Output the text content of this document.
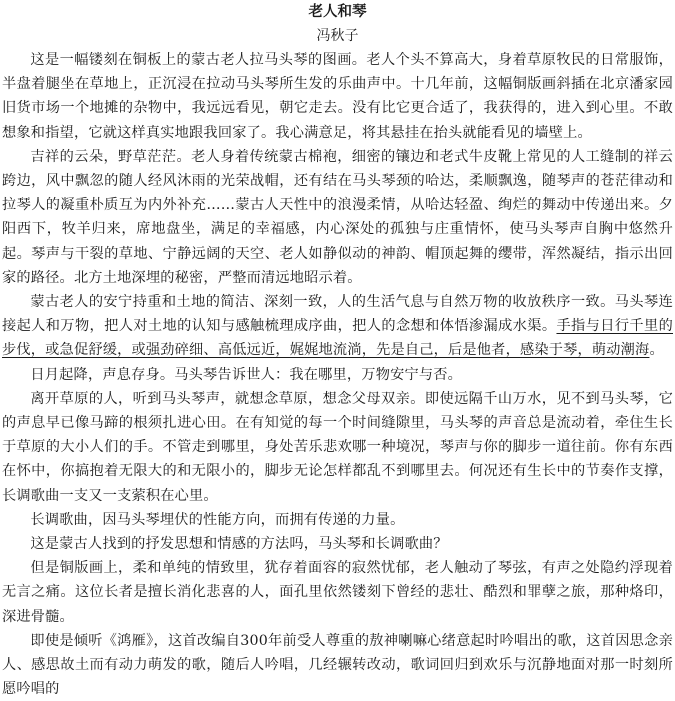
老人和琴
冯秋子

这是一幅镂刻在铜板上的蒙古老人拉马头琴的图画。老人个头不算高大，身着草原牧民的日常服饰，半盘着腿坐在草地上，正沉浸在拉动马头琴所生发的乐曲声中。十几年前，这幅铜版画斜插在北京潘家园旧货市场一个地摊的杂物中，我远远看见，朝它走去。没有比它更合适了，我获得的，进入到心里。不敢想象和指望，它就这样真实地跟我回家了。我心满意足，将其悬挂在抬头就能看见的墙壁上。

吉祥的云朵，野草茫茫。老人身着传统蒙古棉袍，细密的镶边和老式牛皮靴上常见的人工缝制的祥云跨边，风中飘忽的随人经风沐雨的光荣战帽，还有结在马头琴颈的哈达，柔顺飘逸，随琴声的苍茫律动和拉琴人的凝重朴质互为内外补充……蒙古人天性中的浪漫柔情，从哈达轻盈、绚烂的舞动中传递出来。夕阳西下，牧羊归来，席地盘坐，满足的幸福感，内心深处的孤独与庄重情怀，使马头琴声自胸中悠然升起。琴声与干裂的草地、宁静远阔的天空、老人如静似动的神韵、帽顶起舞的缨带，浑然凝结，指示出回家的路径。北方土地深埋的秘密，严整而清远地昭示着。

蒙古老人的安宁持重和土地的简洁、深刻一致，人的生活气息与自然万物的收放秩序一致。马头琴连接起人和万物，把人对土地的认知与感触梳理成序曲，把人的念想和体悟渗漏成水渠。手指与日行千里的步伐，或急促舒缓，或强劲碎细、高低远近，娓娓地流淌，先是自己，后是他者，感染于琴，萌动潮海。

日月起降，声息存身。马头琴告诉世人：我在哪里，万物安宁与否。

离开草原的人，听到马头琴声，就想念草原，想念父母双亲。即使远隔千山万水，见不到马头琴，它的声息早已像马蹄的根须扎进心田。在有知觉的每一个时间缝隙里，马头琴的声音总是流动着，牵住生长于草原的大小人们的手。不管走到哪里，身处苦乐悲欢哪一种境况，琴声与你的脚步一道往前。你有东西在怀中，你搞抱着无限大的和无限小的，脚步无论怎样都乱不到哪里去。何况还有生长中的节奏作支撑，长调歌曲一支又一支萦积在心里。

长调歌曲，因马头琴埋伏的性能方向，而拥有传递的力量。

这是蒙古人找到的抒发思想和情感的方法吗，马头琴和长调歌曲？

但是铜版画上，柔和单纯的情致里，犹存着面容的寂然忧郁，老人触动了琴弦，有声之处隐约浮现着无言之痛。这位长者是擅长消化悲喜的人，面孔里依然镂刻下曾经的悲壮、酷烈和罪孽之旅，那种烙印，深进骨髓。

即使是倾听《鸿雁》，这首改编自300年前受人尊重的敖神喇嘛心绪意起时吟唱出的歌，这首因思念亲人、感思故土而有动力萌发的歌，随后人吟唱，几经辗转改动，歌词回归到欢乐与沉静地面对那一时刻所愿吟唱的
